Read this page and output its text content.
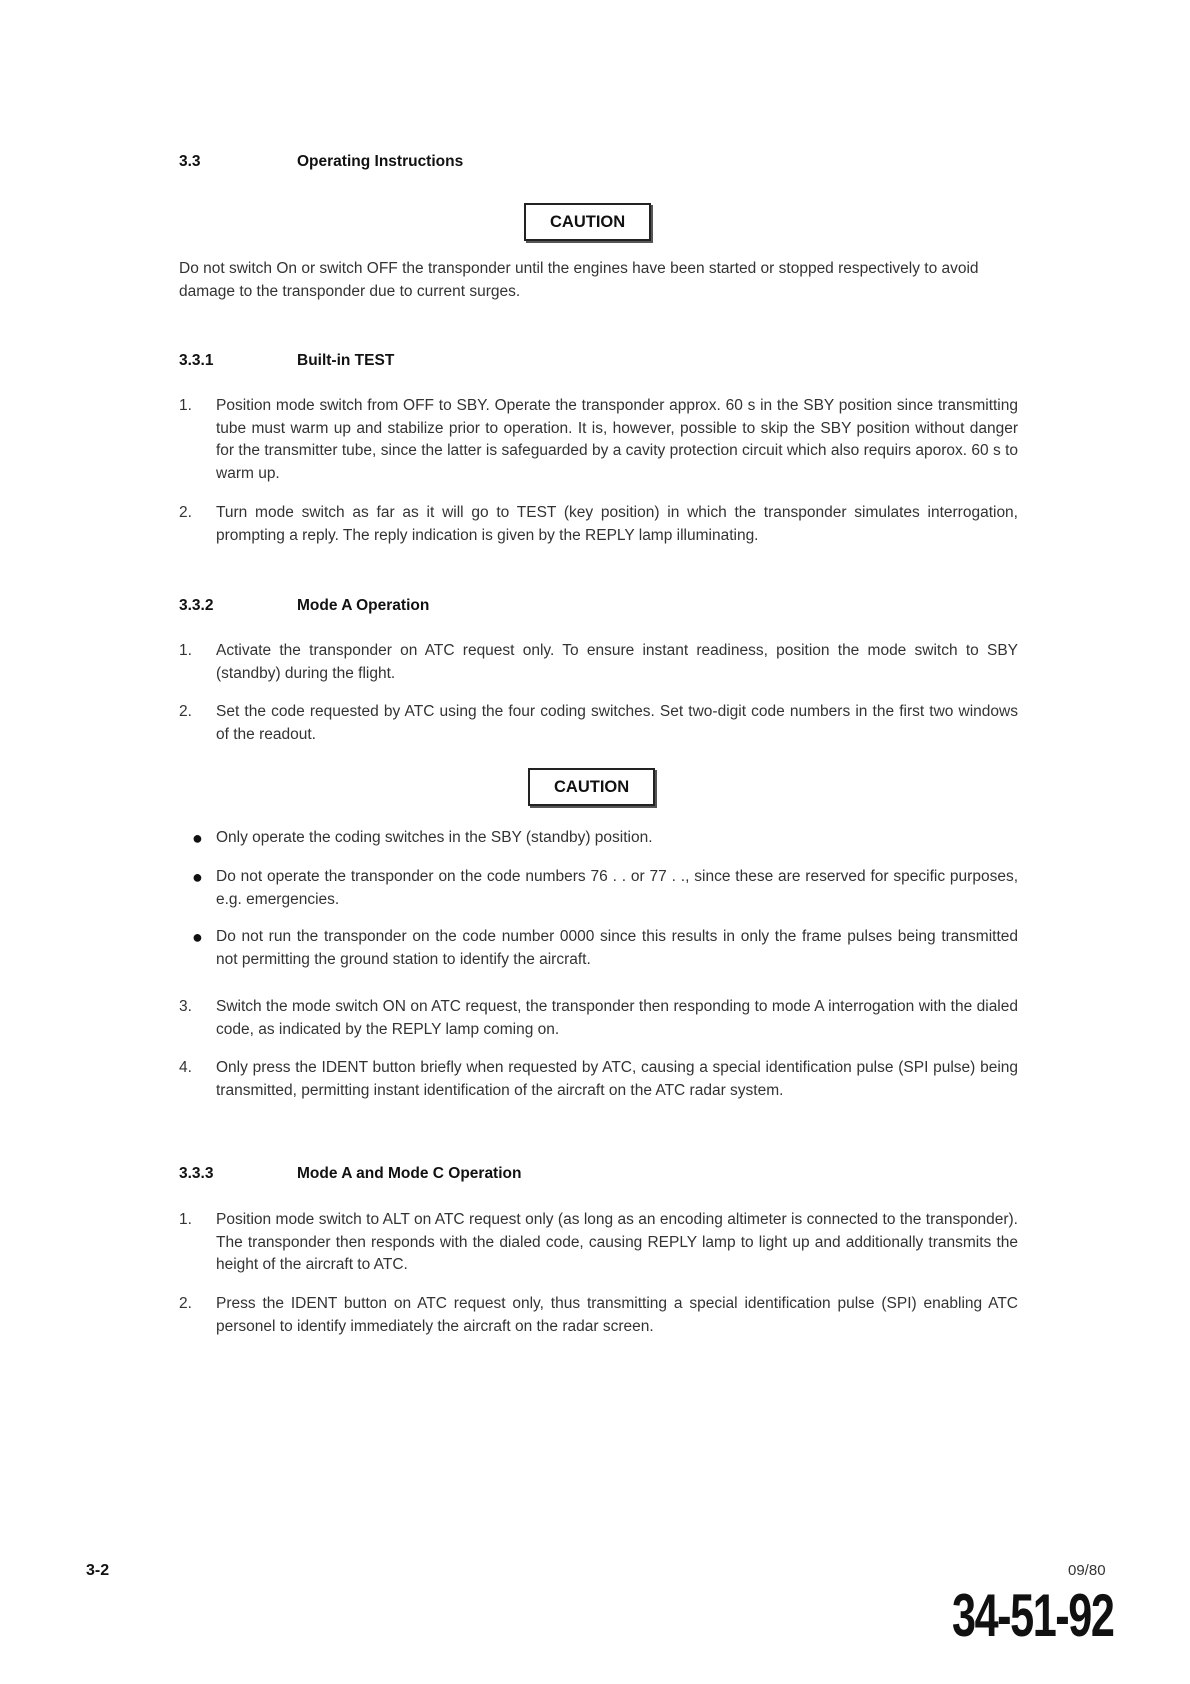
3.3	Operating Instructions
CAUTION

Do not switch On or switch OFF the transponder until the engines have been started or stopped respectively to avoid damage to the transponder due to current surges.

3.3.1	Built-in TEST
1.	Position mode switch from OFF to SBY. Operate the transponder approx. 60 s in the SBY position since transmitting tube must warm up and stabilize prior to operation. It is, however, possible to skip the SBY position without danger for the transmitter tube, since the latter is safeguarded by a cavity protection circuit which also requirs aporox. 60 s to warm up.
2.	Turn mode switch as far as it will go to TEST (key position) in which the transponder simulates interrogation, prompting a reply. The reply indication is given by the REPLY lamp illuminating.
3.3.2	Mode A Operation
1.	Activate the transponder on ATC request only. To ensure instant readiness, position the mode switch to SBY (standby) during the flight.
2.	Set the code requested by ATC using the four coding switches. Set two-digit code numbers in the first two windows of the readout.
CAUTION
● Only operate the coding switches in the SBY (standby) position.
● Do not operate the transponder on the code numbers 76 . . or 77 . ., since these are reserved for specific purposes, e.g. emergencies.
● Do not run the transponder on the code number 0000 since this results in only the frame pulses being transmitted not permitting the ground station to identify the aircraft.
3.	Switch the mode switch ON on ATC request, the transponder then responding to mode A interrogation with the dialed code, as indicated by the REPLY lamp coming on.
4.	Only press the IDENT button briefly when requested by ATC, causing a special identification pulse (SPI pulse) being transmitted, permitting instant identification of the aircraft on the ATC radar system.
3.3.3	Mode A and Mode C Operation
1.	Position mode switch to ALT on ATC request only (as long as an encoding altimeter is connected to the transponder). The transponder then responds with the dialed code, causing REPLY lamp to light up and additionally transmits the height of the aircraft to ATC.
2.	Press the IDENT button on ATC request only, thus transmitting a special identification pulse (SPI) enabling ATC personel to identify immediately the aircraft on the radar screen.
3-2	09/80
34-51-92
